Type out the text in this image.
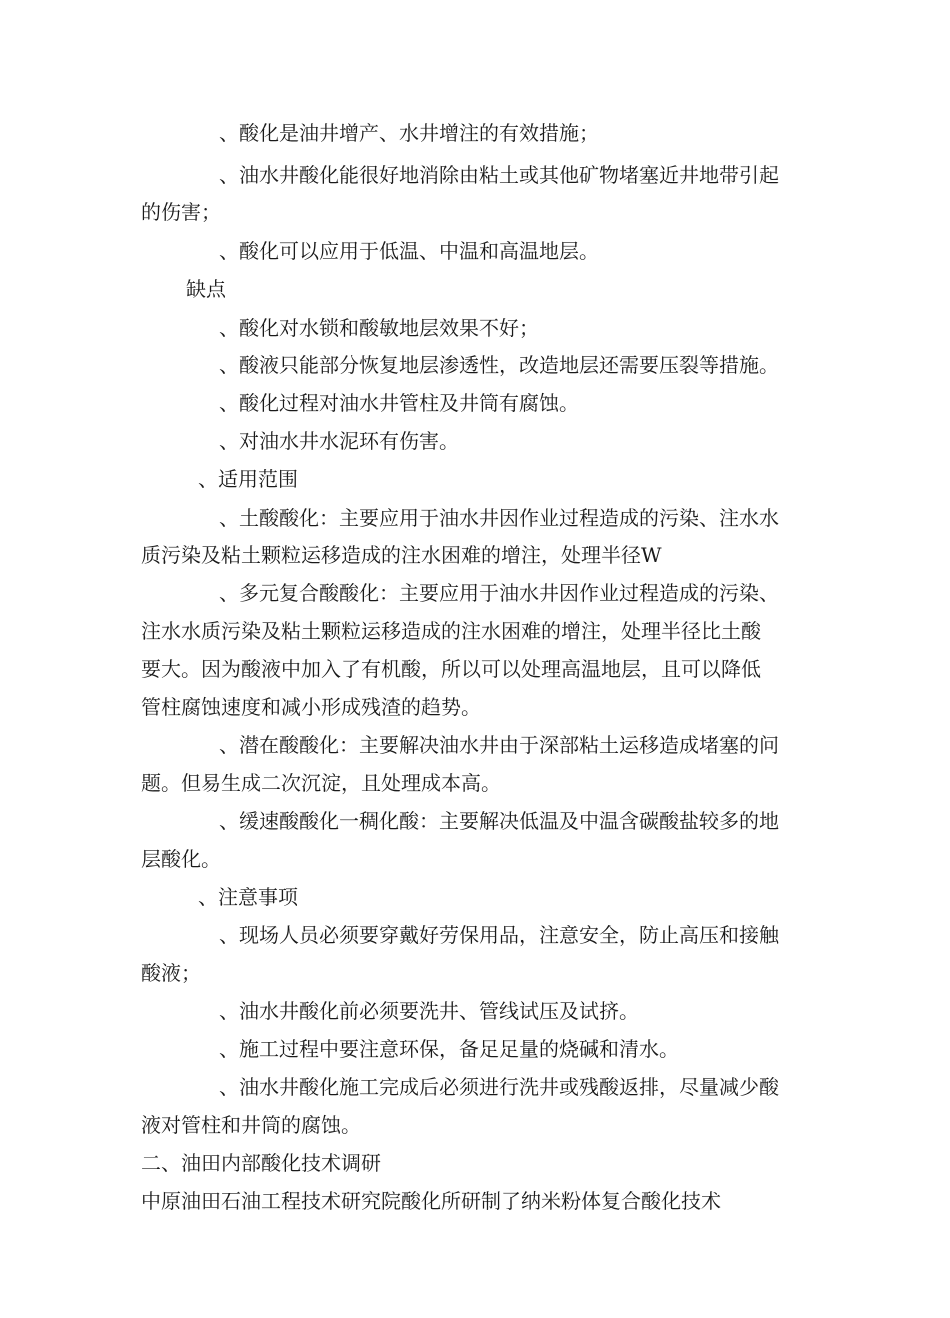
、酸化是油井增产、水井增注的有效措施；
、油水井酸化能很好地消除由粘土或其他矿物堵塞近井地带引起
的伤害；
、酸化可以应用于低温、中温和高温地层。
缺点
、酸化对水锁和酸敏地层效果不好；
、酸液只能部分恢复地层渗透性，改造地层还需要压裂等措施。
、酸化过程对油水井管柱及井筒有腐蚀。
、对油水井水泥环有伤害。
、适用范围
、土酸酸化：主要应用于油水井因作业过程造成的污染、注水水
质污染及粘土颗粒运移造成的注水困难的增注，处理半径W
、多元复合酸酸化：主要应用于油水井因作业过程造成的污染、
注水水质污染及粘土颗粒运移造成的注水困难的增注，处理半径比土酸
要大。因为酸液中加入了有机酸，所以可以处理高温地层，且可以降低
管柱腐蚀速度和减小形成残渣的趋势。
、潜在酸酸化：主要解决油水井由于深部粘土运移造成堵塞的问
题。但易生成二次沉淀，且处理成本高。
、缓速酸酸化一稠化酸：主要解决低温及中温含碳酸盐较多的地
层酸化。
、注意事项
、现场人员必须要穿戴好劳保用品，注意安全，防止高压和接触
酸液；
、油水井酸化前必须要洗井、管线试压及试挤。
、施工过程中要注意环保，备足足量的烧碱和清水。
、油水井酸化施工完成后必须进行洗井或残酸返排，尽量减少酸
液对管柱和井筒的腐蚀。
二、油田内部酸化技术调研
中原油田石油工程技术研究院酸化所研制了纳米粉体复合酸化技术
